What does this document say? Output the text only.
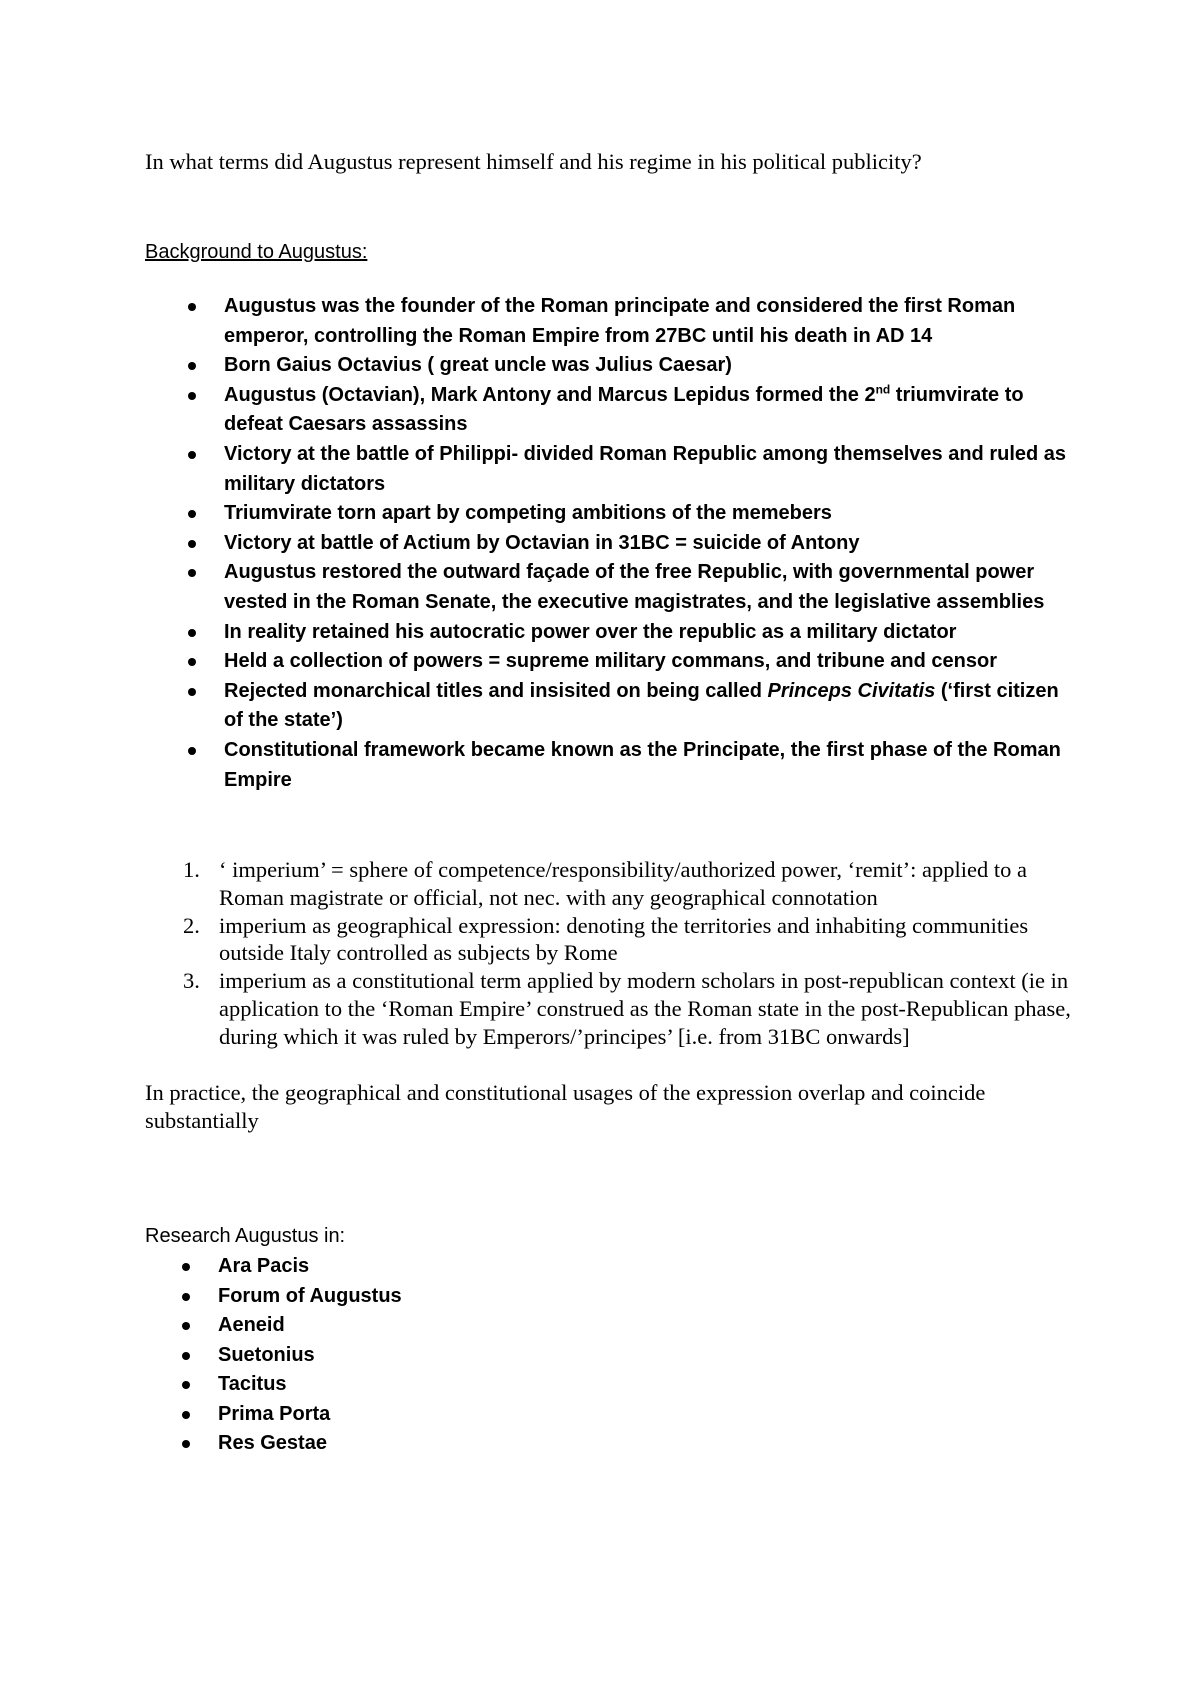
In what terms did Augustus represent himself and his regime in his political publicity?

Background to Augustus:

Augustus was the founder of the Roman principate and considered the first Roman emperor, controlling the Roman Empire from 27BC until his death in AD 14
Born Gaius Octavius ( great uncle was Julius Caesar)
Augustus (Octavian), Mark Antony and Marcus Lepidus formed the 2nd triumvirate to defeat Caesars assassins
Victory at the battle of Philippi- divided Roman Republic among themselves and ruled as military dictators
Triumvirate torn apart by competing ambitions of the memebers
Victory at battle of Actium by Octavian in 31BC = suicide of Antony
Augustus restored the outward façade of the free Republic, with governmental power vested in the Roman Senate, the executive magistrates, and the legislative assemblies
In reality retained his autocratic power over the republic as a military dictator
Held a collection of powers = supreme military commans, and tribune and censor
Rejected monarchical titles and insisited on being called Princeps Civitatis (‘first citizen of the state’)
Constitutional framework became known as the Principate, the first phase of the Roman Empire
1. ‘ imperium’ = sphere of competence/responsibility/authorized power, ‘remit’: applied to a Roman magistrate or official, not nec. with any geographical connotation
2. imperium as geographical expression: denoting the territories and inhabiting communities outside Italy controlled as subjects by Rome
3. imperium as a constitutional term applied by modern scholars in post-republican context (ie in application to the ‘Roman Empire’ construed as the Roman state in the post-Republican phase, during which it was ruled by Emperors/’principes’ [i.e. from 31BC onwards]

In practice, the geographical and constitutional usages of the expression overlap and coincide substantially

Research Augustus in:

Ara Pacis
Forum of Augustus
Aeneid
Suetonius
Tacitus
Prima Porta
Res Gestae
